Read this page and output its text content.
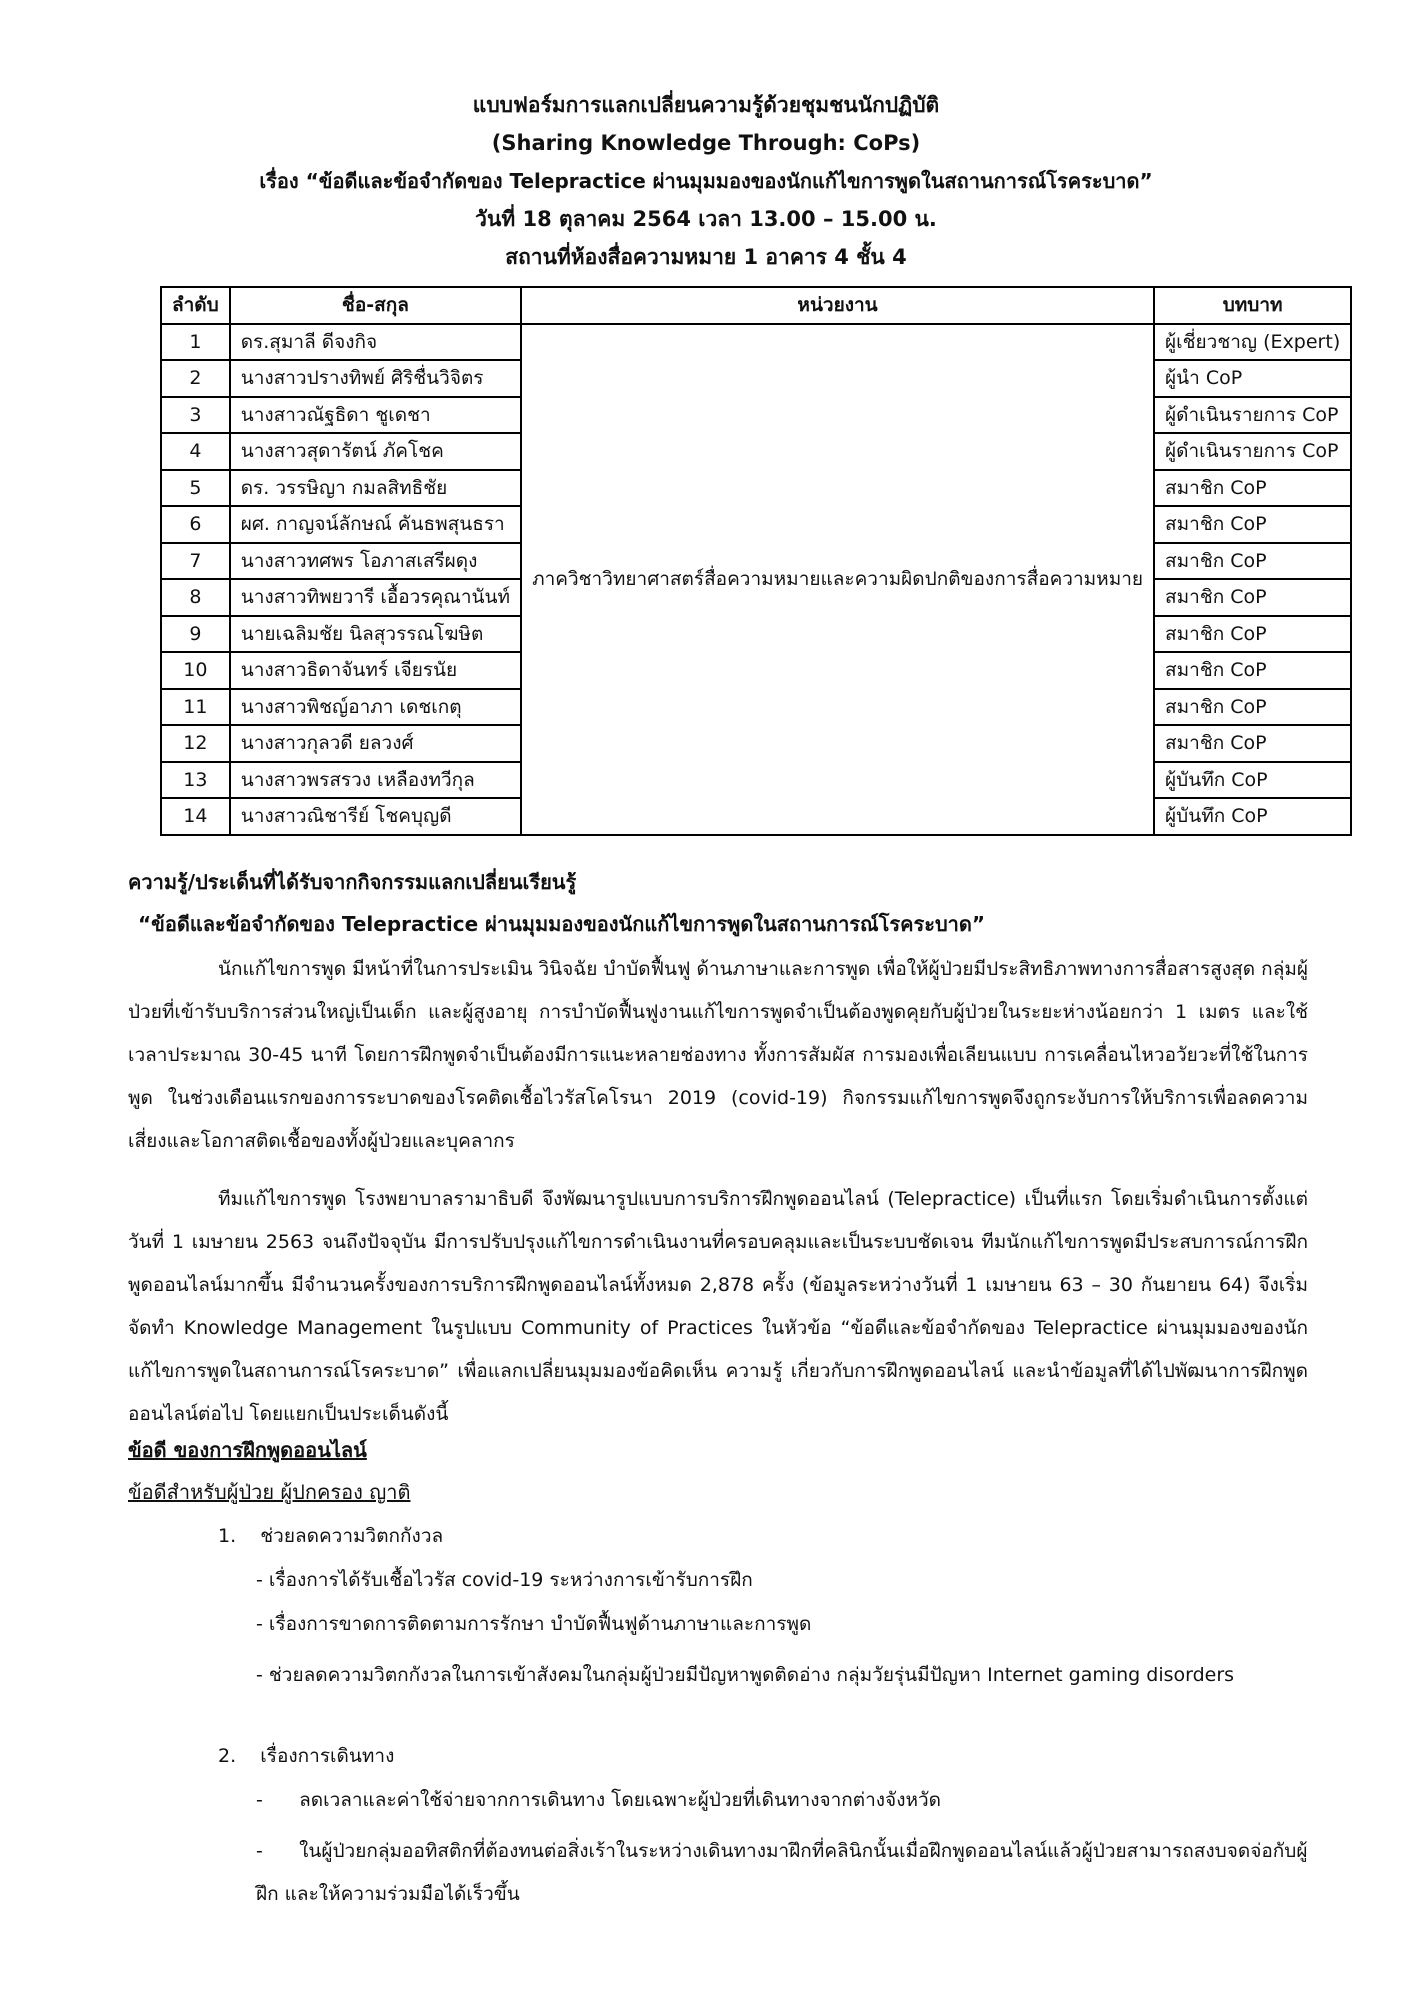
แบบฟอร์มการแลกเปลี่ยนความรู้ด้วยชุมชนนักปฏิบัติ
(Sharing Knowledge Through: CoPs)
เรื่อง “ข้อดีและข้อจำกัดของ Telepractice ผ่านมุมมองของนักแก้ไขการพูดในสถานการณ์โรคระบาด”
วันที่ 18 ตุลาคม 2564 เวลา 13.00 – 15.00 น.
สถานที่ห้องสื่อความหมาย 1 อาคาร 4 ชั้น 4
ลำดับ	ชื่อ-สกุล	หน่วยงาน	บทบาท
1	ดร.สุมาลี ดีจงกิจ	ภาควิชาวิทยาศาสตร์สื่อความหมายและความผิดปกติของการสื่อความหมาย	ผู้เชี่ยวชาญ (Expert)
2	นางสาวปรางทิพย์ ศิริชื่นวิจิตร		ผู้นำ CoP
3	นางสาวณัฐธิดา ชูเดชา		ผู้ดำเนินรายการ CoP
4	นางสาวสุดารัตน์ ภัคโชค		ผู้ดำเนินรายการ CoP
5	ดร. วรรษิญา กมลสิทธิชัย		สมาชิก CoP
6	ผศ. กาญจน์ลักษณ์ คันธพสุนธรา		สมาชิก CoP
7	นางสาวทศพร โอภาสเสรีผดุง		สมาชิก CoP
8	นางสาวทิพยวารี เอื้อวรคุณานันท์		สมาชิก CoP
9	นายเฉลิมชัย นิลสุวรรณโฆษิต		สมาชิก CoP
10	นางสาวธิดาจันทร์ เจียรนัย		สมาชิก CoP
11	นางสาวพิชญ์อาภา เดชเกตุ		สมาชิก CoP
12	นางสาวกุลวดี ยลวงศ์		สมาชิก CoP
13	นางสาวพรสรวง เหลืองทวีกุล		ผู้บันทึก CoP
14	นางสาวณิชารีย์ โชคบุญดี		ผู้บันทึก CoP
ความรู้/ประเด็นที่ได้รับจากกิจกรรมแลกเปลี่ยนเรียนรู้
“ข้อดีและข้อจำกัดของ Telepractice ผ่านมุมมองของนักแก้ไขการพูดในสถานการณ์โรคระบาด”
นักแก้ไขการพูด มีหน้าที่ในการประเมิน วินิจฉัย บำบัดฟื้นฟู ด้านภาษาและการพูด เพื่อให้ผู้ป่วยมีประสิทธิภาพทางการสื่อสารสูงสุด กลุ่มผู้ป่วยที่เข้ารับบริการส่วนใหญ่เป็นเด็ก และผู้สูงอายุ การบำบัดฟื้นฟูงานแก้ไขการพูดจำเป็นต้องพูดคุยกับผู้ป่วยในระยะห่างน้อยกว่า 1 เมตร และใช้เวลาประมาณ 30-45 นาที โดยการฝึกพูดจำเป็นต้องมีการแนะหลายช่องทาง ทั้งการสัมผัส การมองเพื่อเลียนแบบ การเคลื่อนไหวอวัยวะที่ใช้ในการพูด ในช่วงเดือนแรกของการระบาดของโรคติดเชื้อไวรัสโคโรนา 2019 (covid-19) กิจกรรมแก้ไขการพูดจึงถูกระงับการให้บริการเพื่อลดความเสี่ยงและโอกาสติดเชื้อของทั้งผู้ป่วยและบุคลากร
ทีมแก้ไขการพูด โรงพยาบาลรามาธิบดี จึงพัฒนารูปแบบการบริการฝึกพูดออนไลน์ (Telepractice) เป็นที่แรก โดยเริ่มดำเนินการตั้งแต่ วันที่ 1 เมษายน 2563 จนถึงปัจจุบัน มีการปรับปรุงแก้ไขการดำเนินงานที่ครอบคลุมและเป็นระบบชัดเจน ทีมนักแก้ไขการพูดมีประสบการณ์การฝึกพูดออนไลน์มากขึ้น มีจำนวนครั้งของการบริการฝึกพูดออนไลน์ทั้งหมด 2,878 ครั้ง (ข้อมูลระหว่างวันที่ 1 เมษายน 63 – 30 กันยายน 64) จึงเริ่มจัดทำ Knowledge Management ในรูปแบบ Community of Practices ในหัวข้อ “ข้อดีและข้อจำกัดของ Telepractice ผ่านมุมมองของนักแก้ไขการพูดในสถานการณ์โรคระบาด” เพื่อแลกเปลี่ยนมุมมองข้อคิดเห็น ความรู้ เกี่ยวกับการฝึกพูดออนไลน์ และนำข้อมูลที่ได้ไปพัฒนาการฝึกพูดออนไลน์ต่อไป โดยแยกเป็นประเด็นดังนี้
ข้อดี ของการฝึกพูดออนไลน์
ข้อดีสำหรับผู้ป่วย ผู้ปกครอง ญาติ
1.    ช่วยลดความวิตกกังวล
- เรื่องการได้รับเชื้อไวรัส covid-19 ระหว่างการเข้ารับการฝึก
- เรื่องการขาดการติดตามการรักษา บำบัดฟื้นฟูด้านภาษาและการพูด
- ช่วยลดความวิตกกังวลในการเข้าสังคมในกลุ่มผู้ป่วยมีปัญหาพูดติดอ่าง กลุ่มวัยรุ่นมีปัญหา Internet gaming disorders
2.    เรื่องการเดินทาง
-      ลดเวลาและค่าใช้จ่ายจากการเดินทาง โดยเฉพาะผู้ป่วยที่เดินทางจากต่างจังหวัด
-      ในผู้ป่วยกลุ่มออทิสติกที่ต้องทนต่อสิ่งเร้าในระหว่างเดินทางมาฝึกที่คลินิกนั้นเมื่อฝึกพูดออนไลน์แล้วผู้ป่วยสามารถสงบจดจ่อกับผู้ฝึก และให้ความร่วมมือได้เร็วขึ้น
